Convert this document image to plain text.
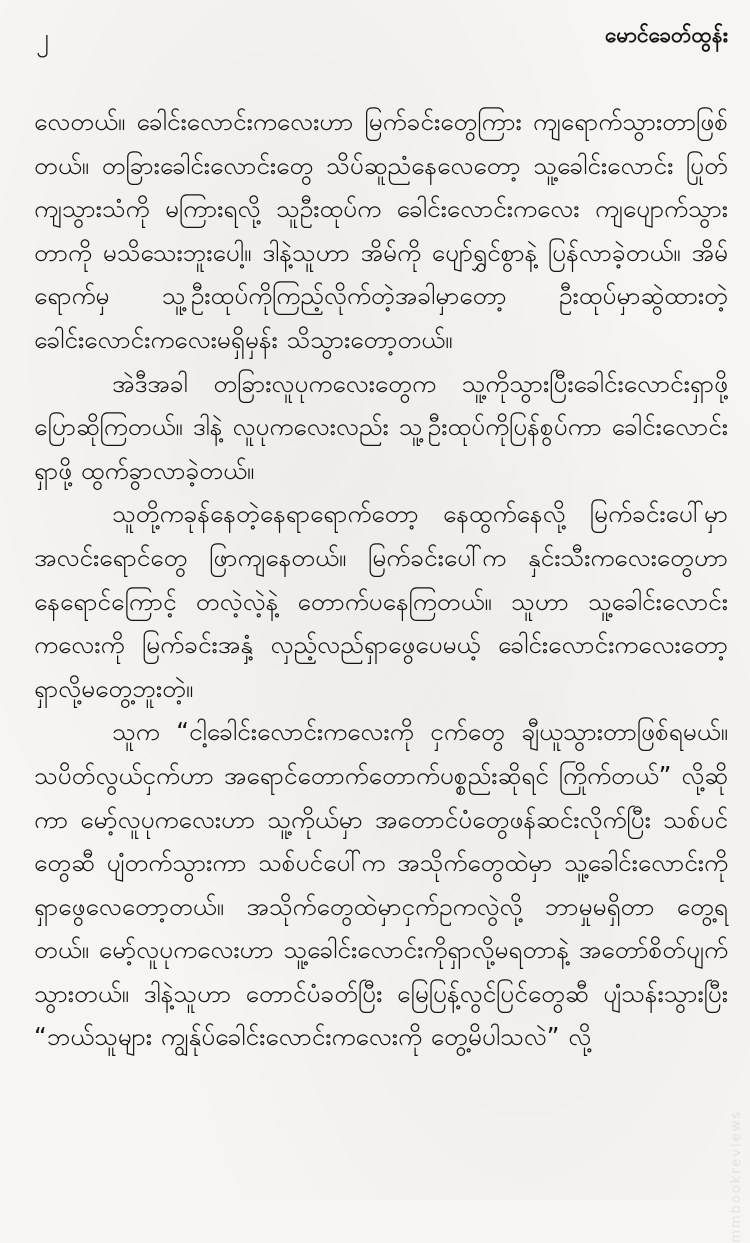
၂	မောင်ခေတ်ထွန်း

လေတယ်။ ခေါင်းလောင်းကလေးဟာ မြက်ခင်းတွေကြား ကျရောက်သွားတာဖြစ်တယ်။ တခြားခေါင်းလောင်းတွေ သိပ်ဆူညံနေလေတော့ သူ့ခေါင်းလောင်း ပြုတ်ကျသွားသံကို မကြားရလို့ သူဦးထုပ်က ခေါင်းလောင်းကလေး ကျပျောက်သွားတာကို မသိသေးဘူးပေါ့။ ဒါနဲ့သူဟာ အိမ်ကို ပျော်ရွှင်စွာနဲ့ ပြန်လာခဲ့တယ်။ အိမ်ရောက်မှ သူ့ဦးထုပ်ကိုကြည့်လိုက်တဲ့အခါမှာတော့ ဦးထုပ်မှာဆွဲထားတဲ့ ခေါင်းလောင်းကလေးမရှိမှန်း သိသွားတော့တယ်။

အဲဒီအခါ တခြားလူပုကလေးတွေက သူ့ကိုသွားပြီးခေါင်းလောင်းရှာဖို့ ပြောဆိုကြတယ်။ ဒါနဲ့ လူပုကလေးလည်း သူ့ဦးထုပ်ကိုပြန်စွပ်ကာ ခေါင်းလောင်းရှာဖို့ ထွက်ခွာလာခဲ့တယ်။

သူတို့ကခုန်နေတဲ့နေရာရောက်တော့ နေထွက်နေလို့ မြက်ခင်းပေါ်မှာ အလင်းရောင်တွေ ဖြာကျနေတယ်။ မြက်ခင်းပေါ်က နှင်းသီးကလေးတွေဟာ နေရောင်ကြောင့် တလဲ့လဲ့နဲ့ တောက်ပနေကြတယ်။ သူဟာ သူ့ခေါင်းလောင်းကလေးကို မြက်ခင်းအနှံ့ လှည့်လည်ရှာဖွေပေမယ့် ခေါင်းလောင်းကလေးတော့ ရှာလို့မတွေ့ဘူးတဲ့။

သူက “ငါ့ခေါင်းလောင်းကလေးကို ငှက်တွေ ချီယူသွားတာဖြစ်ရမယ်။ သပိတ်လွယ်ငှက်ဟာ အရောင်တောက်တောက်ပစ္စည်းဆိုရင် ကြိုက်တယ်” လို့ဆိုကာ မော့်လူပုကလေးဟာ သူ့ကိုယ်မှာ အတောင်ပံတွေဖန်ဆင်းလိုက်ပြီး သစ်ပင်တွေဆီ ပျံတက်သွားကာ သစ်ပင်ပေါ်က အသိုက်တွေထဲမှာ သူ့ခေါင်းလောင်းကို ရှာဖွေလေတော့တယ်။ အသိုက်တွေထဲမှာငှက်ဥကလွဲလို့ ဘာမှုမရှိတာ တွေ့ရတယ်။ မော့်လူပုကလေးဟာ သူ့ခေါင်းလောင်းကိုရှာလို့မရတာနဲ့ အတော်စိတ်ပျက်သွားတယ်။ ဒါနဲ့သူဟာ တောင်ပံခတ်ပြီး မြေပြန့်လွင်ပြင်တွေဆီ ပျံသန်းသွားပြီး “ဘယ်သူများ ကျွန်ုပ်ခေါင်းလောင်းကလေးကို တွေ့မိပါသလဲ” လို့

mmbookreviews
